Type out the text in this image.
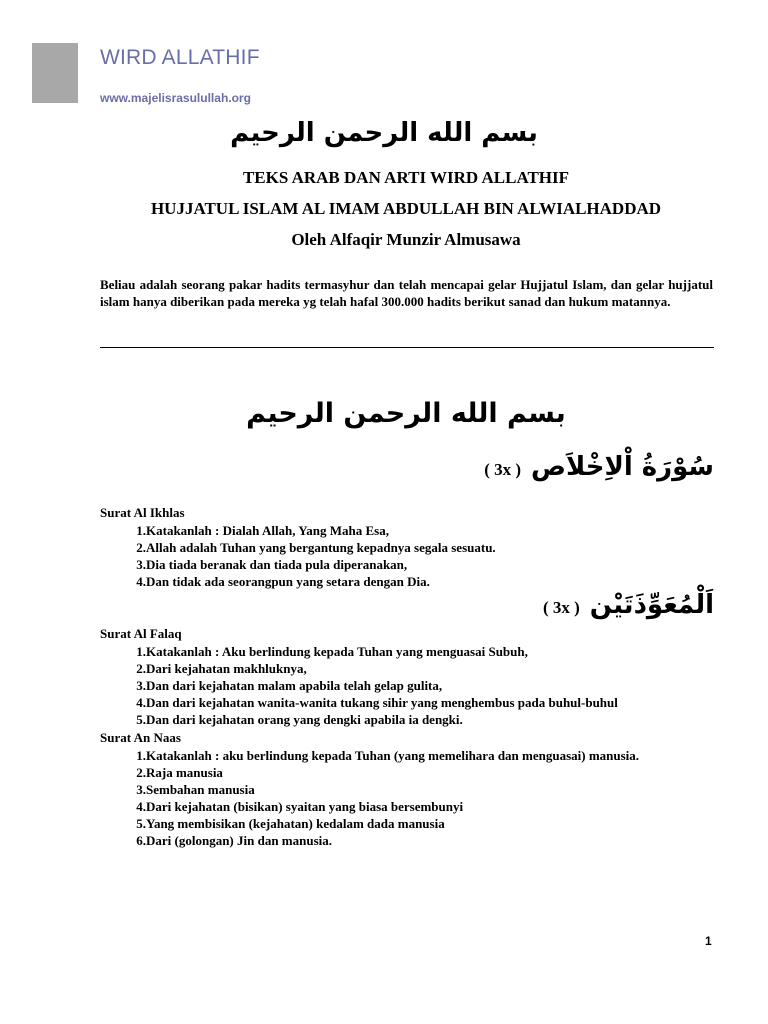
WIRD ALLATHIF
www.majelisrasulullah.org
بسم الله الرحمن الرحيم
TEKS ARAB DAN ARTI WIRD ALLATHIF
HUJJATUL ISLAM AL IMAM ABDULLAH BIN ALWIALHADDAD
Oleh Alfaqir Munzir Almusawa
Beliau adalah seorang pakar hadits termasyhur dan telah mencapai gelar Hujjatul Islam, dan gelar hujjatul islam hanya diberikan pada mereka yg telah hafal 300.000 hadits berikut sanad dan hukum matannya.
بسم الله الرحمن الرحيم
( 3x ) سُوْرَةُ اْلاِخْلاَص
Surat Al Ikhlas
1. Katakanlah : Dialah Allah, Yang Maha Esa,
2. Allah adalah Tuhan yang bergantung kepadnya segala sesuatu.
3. Dia tiada beranak dan tiada pula diperanakan,
4. Dan tidak ada seorangpun yang setara dengan Dia.
( 3x ) اَلْمُعَوِّذَتَيْن
Surat Al Falaq
1. Katakanlah : Aku berlindung kepada Tuhan yang menguasai Subuh,
2. Dari kejahatan makhluknya,
3. Dan dari kejahatan malam apabila telah gelap gulita,
4. Dan dari kejahatan wanita-wanita tukang sihir yang menghembus pada buhul-buhul
5. Dan dari kejahatan orang yang dengki apabila ia dengki.
Surat An Naas
1. Katakanlah : aku berlindung kepada Tuhan (yang memelihara dan menguasai) manusia.
2. Raja manusia
3. Sembahan manusia
4. Dari kejahatan (bisikan) syaitan yang biasa bersembunyi
5. Yang membisikan (kejahatan) kedalam dada manusia
6. Dari (golongan) Jin dan manusia.
1
